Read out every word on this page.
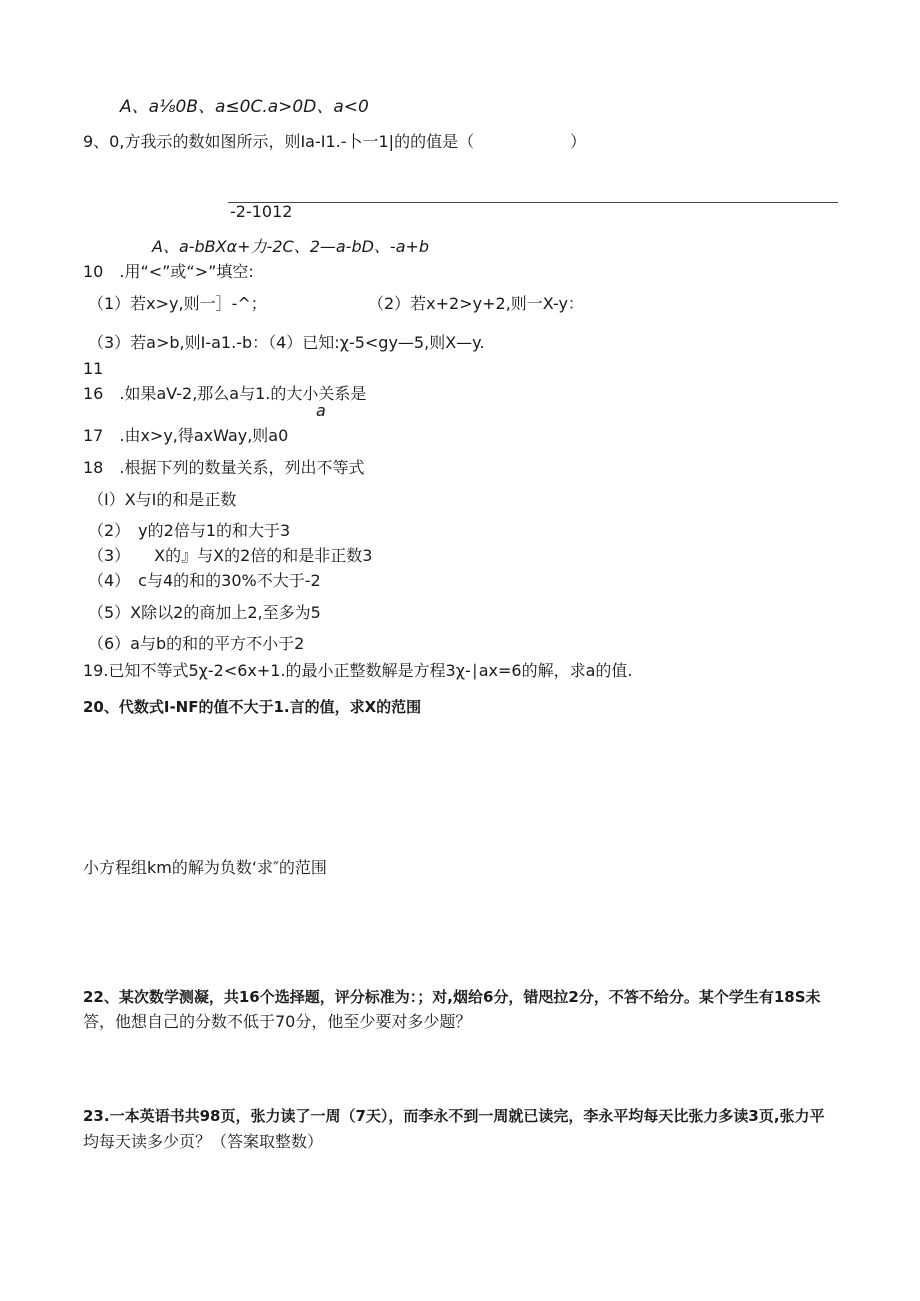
A、a⅛0B、a≤0C.a>0D、a<0
9、0,方我示的数如图所示，则Ia-I1.-卜一1|的的值是（　　　　　　）
-2-1012
A、a-bBXα+力-2C、2—a-bD、-a+b
10　.用“<”或“>”填空:
（1）若x>y,则一］-^；	（2）若x+2>y+2,则一X-y：
（3）若a>b,则I-a1.-b：（4）已知:χ-5<gy—5,则X—y.
11
16　.如果aV-2,那么a与1.的大小关系是
a
17　.由x>y,得axWay,则a0
18　.根据下列的数量关系，列出不等式
（I）X与I的和是正数
（2）　y的2倍与1的和大于3
（3）　　X的』与X的2倍的和是非正数3
（4）　c与4的和的30%不大于-2
（5）X除以2的商加上2,至多为5
（6）a与b的和的平方不小于2
19.已知不等式5χ-2<6x+1.的最小正整数解是方程3χ-∣ax=6的解，求a的值.
20、代数式I-NF的值不大于1.言的值，求X的范围
小方程组km的解为负数‘求″的范围
22、某次数学测凝，共16个选择题，评分标准为：；对,烟给6分，错咫拉2分，不答不给分。某个学生有18S未
答，他想自己的分数不低于70分，他至少要对多少题？
23.一本英语书共98页，张力读了一周（7天），而李永不到一周就已读完，李永平均每天比张力多读3页,张力平
均每天读多少页？（答案取整数）
